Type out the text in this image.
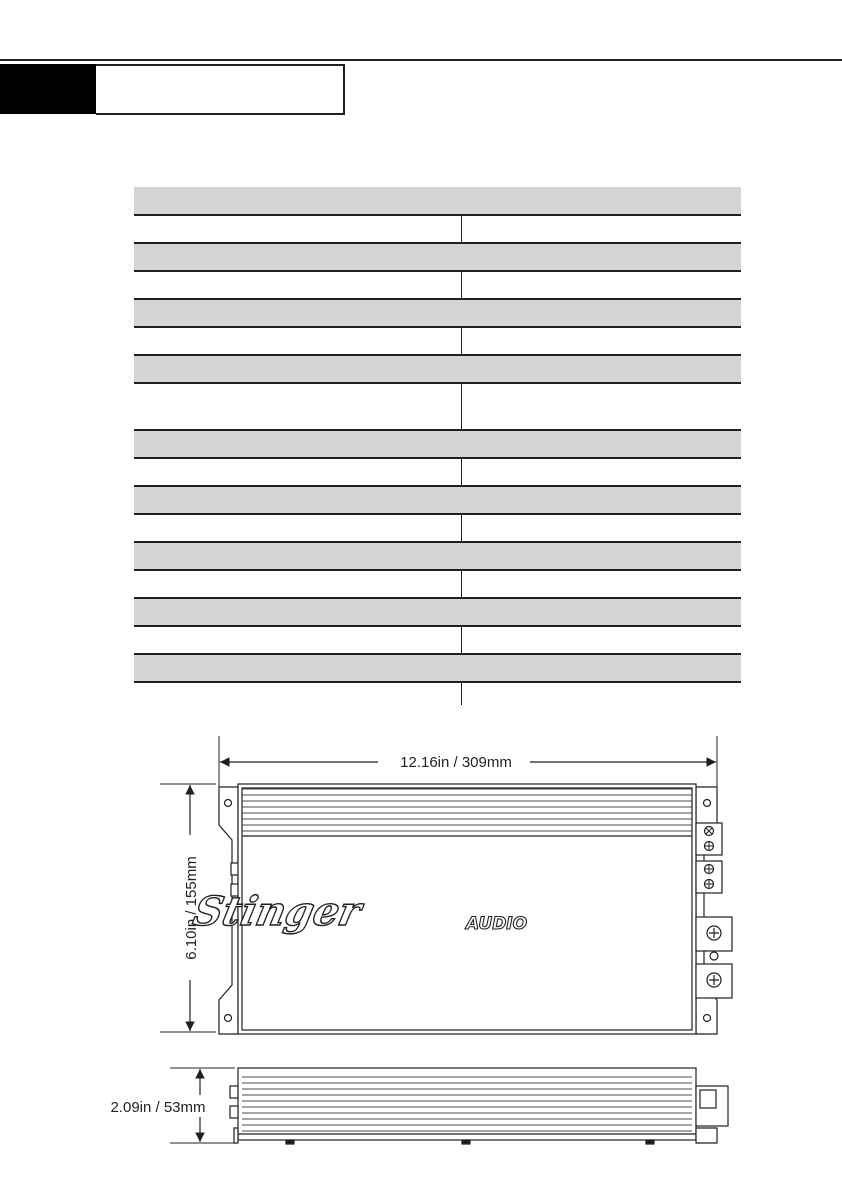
12.16in / 309mm
6.10in / 155mm
Stinger	AUDIO
2.09in / 53mm
